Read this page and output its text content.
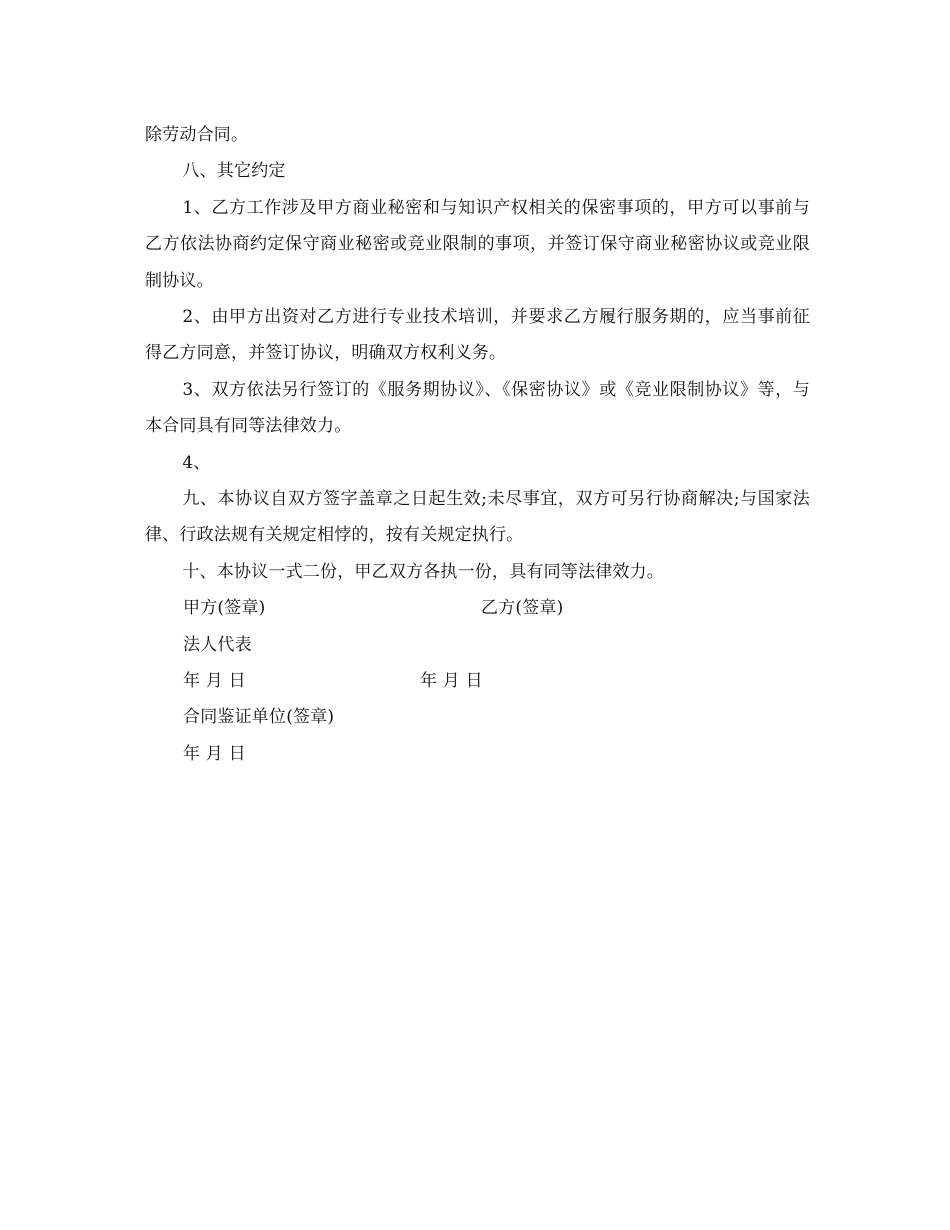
除劳动合同。

八、其它约定

1、乙方工作涉及甲方商业秘密和与知识产权相关的保密事项的，甲方可以事前与乙方依法协商约定保守商业秘密或竞业限制的事项，并签订保守商业秘密协议或竞业限制协议。

2、由甲方出资对乙方进行专业技术培训，并要求乙方履行服务期的，应当事前征得乙方同意，并签订协议，明确双方权利义务。

3、双方依法另行签订的《服务期协议》、《保密协议》或《竞业限制协议》等，与本合同具有同等法律效力。

4、

九、本协议自双方签字盖章之日起生效;未尽事宜，双方可另行协商解决;与国家法律、行政法规有关规定相悖的，按有关规定执行。

十、本协议一式二份，甲乙双方各执一份，具有同等法律效力。

甲方(签章)	乙方(签章)
法人代表
年 月 日	年 月 日
合同鉴证单位(签章)
年 月 日
